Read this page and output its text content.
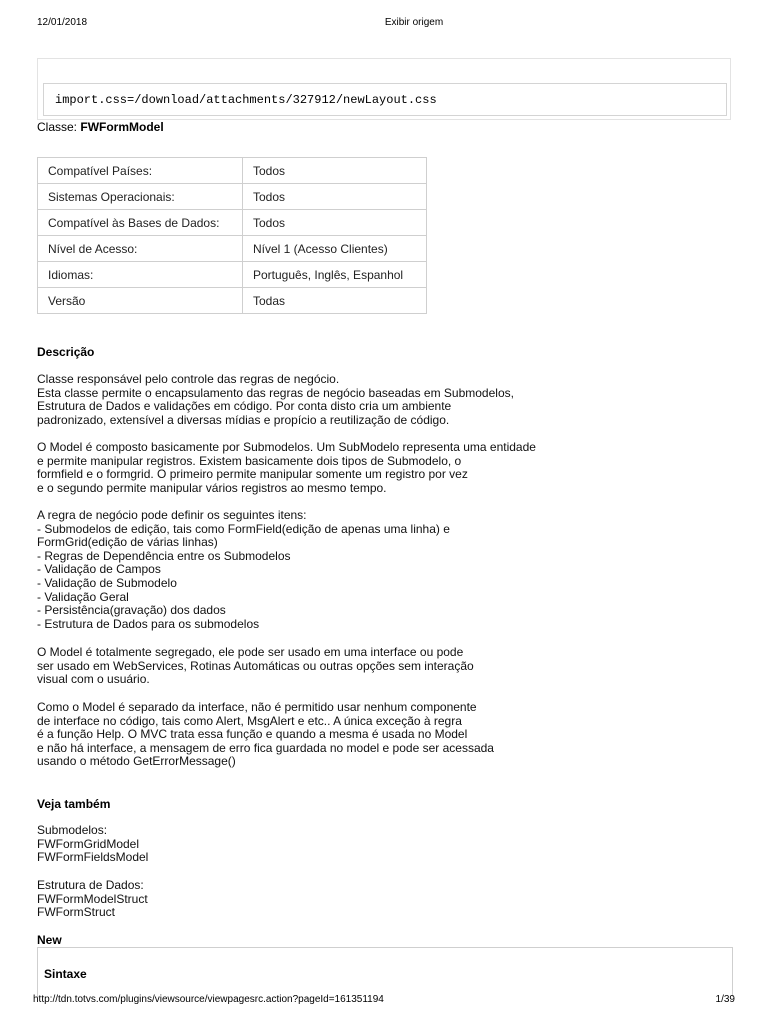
12/01/2018	Exibir origem
import.css=/download/attachments/327912/newLayout.css
Classe: FWFormModel
Compatível Países:	Todos
Sistemas Operacionais:	Todos
Compatível às Bases de Dados:	Todos
Nível de Acesso:	Nível 1 (Acesso Clientes)
Idiomas:	Português, Inglês, Espanhol
Versão	Todas
Descrição
Classe responsável pelo controle das regras de negócio.
Esta classe permite o encapsulamento das regras de negócio baseadas em Submodelos,
Estrutura de Dados e validações em código. Por conta disto cria um ambiente
padronizado, extensível a diversas mídias e propício a reutilização de código.
O Model é composto basicamente por Submodelos. Um SubModelo representa uma entidade
e permite manipular registros. Existem basicamente dois tipos de Submodelo, o
formfield e o formgrid. O primeiro permite manipular somente um registro por vez
e o segundo permite manipular vários registros ao mesmo tempo.
A regra de negócio pode definir os seguintes itens:
- Submodelos de edição, tais como FormField(edição de apenas uma linha) e
FormGrid(edição de várias linhas)
- Regras de Dependência entre os Submodelos
- Validação de Campos
- Validação de Submodelo
- Validação Geral
- Persistência(gravação) dos dados
- Estrutura de Dados para os submodelos
O Model é totalmente segregado, ele pode ser usado em uma interface ou pode
ser usado em WebServices, Rotinas Automáticas ou outras opções sem interação
visual com o usuário.
Como o Model é separado da interface, não é permitido usar nenhum componente
de interface no código, tais como Alert, MsgAlert e etc.. A única exceção à regra
é a função Help. O MVC trata essa função e quando a mesma é usada no Model
e não há interface, a mensagem de erro fica guardada no model e pode ser acessada
usando o método GetErrorMessage()
Veja também
Submodelos:
FWFormGridModel
FWFormFieldsModel
Estrutura de Dados:
FWFormModelStruct
FWFormStruct
New
Sintaxe
http://tdn.totvs.com/plugins/viewsource/viewpagesrc.action?pageId=161351194	1/39
